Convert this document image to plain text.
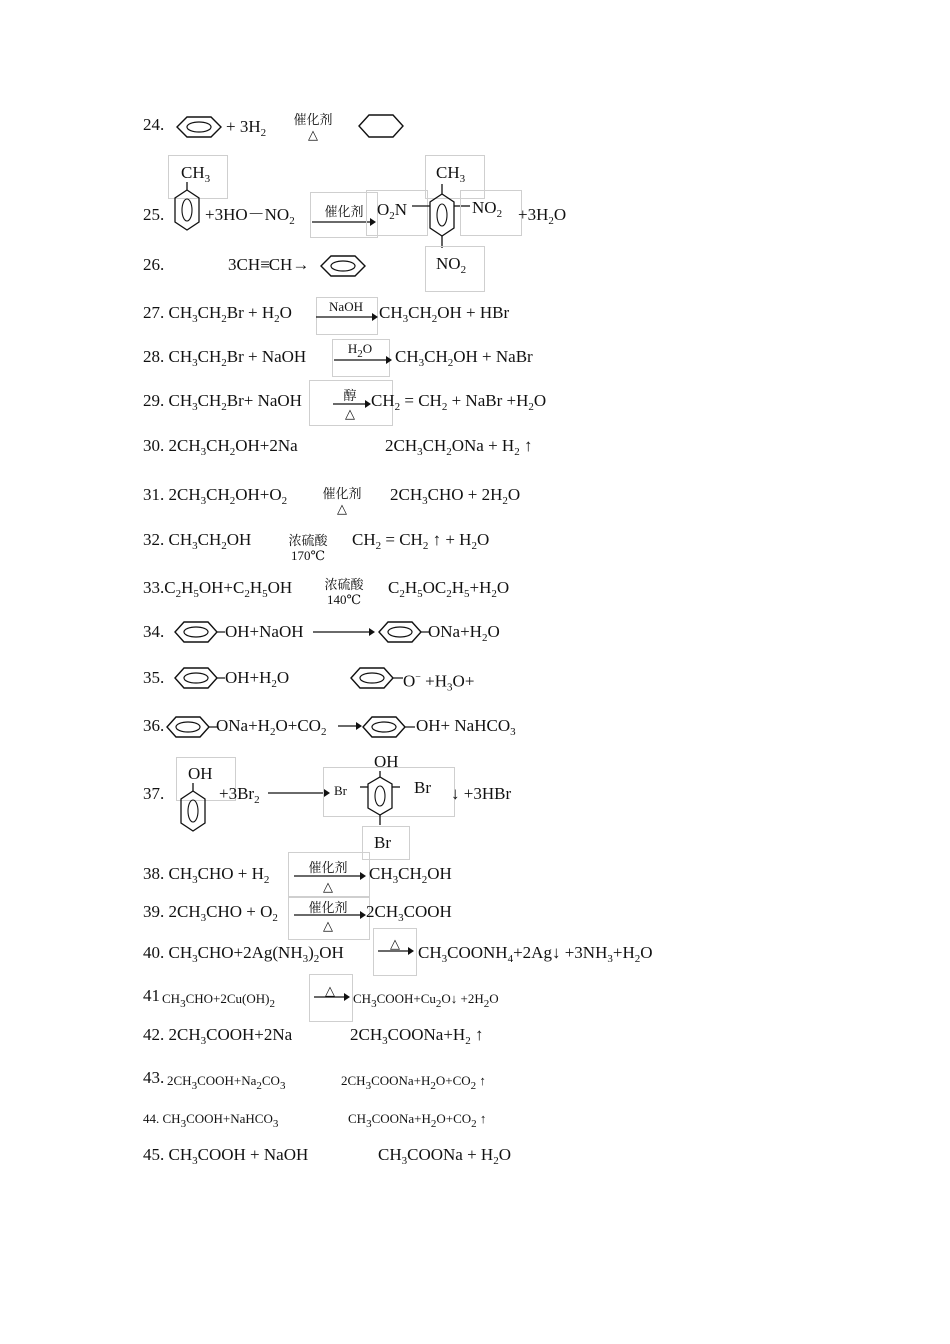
24.	+ $3H_2$
催化剂
△
$CH_3$
25. $+3HO-NO_2$
催化剂 $O_2N$
$CH_3$
$NO_2 +3H_2O$
$NO_2$
26.	3CH≡CH→
27. $CH_3CH_2Br + H_2O$	NaOH → $CH_3CH_2OH$ + HBr
28. $CH_3CH_2Br$ + NaOH	$H_2O \to CH_3CH_2OH$ + NaBr
29. $CH_3CH_2Br+$ NaOH	醇
△
$CH_2 = CH_2$ + NaBr $+H_2O$
30. $2CH_3CH_2OH+2Na$	$2CH_3CH_2ONa + H_2$ ↑
31. $2CH_3CH_2OH+O_2$	催化剂
△
$2CH_3CHO + 2H_2O$
32. $CH_3CH_2OH$	浓硫酸
170℃
$CH_2 = CH_2$ ↑ + $H_2O$
$33.C_2H_5OH+C_2H_5OH$	浓硫酸
140℃
$C_2H_5OC_2H_5+H_2O$
34.	OH+NaOH →	$ONa+H_2O$
35.	$OH+H_2O$	$O^- +H_3O+$
36.	$ONa+H_2O+CO_2$ →	OH+ NaHCO$_3$
OH
37.	$+3Br_2$
OH
Br	Br
Br
↓ +3HBr
38. $CH_3CHO + H_2$
催化剂
△
$CH_3CH_2OH$
39. $2CH_3CHO + O_2$
催化剂
△
$2CH_3COOH$
40. $CH_3CHO+2Ag(NH_3)_2OH$	△ → $CH_3COONH_4+2Ag↓ +3NH_3+H_2O$
41 $CH_3CHO+2Cu(OH)_2$
△
→ $CH_3COOH+Cu_2O↓ +2H_2O$
42. $2CH_3COOH+2Na$	$2CH_3COONa+H_2$ ↑
43. $2CH_3COOH+Na_2CO_3$	$2CH_3COONa+H_2O+CO_2$ ↑
44. $CH_3COOH+NaHCO_3$	$CH_3COONa+H_2O+CO_2$ ↑
45. $CH_3COOH$ + NaOH	$CH_3COONa + H_2O$
